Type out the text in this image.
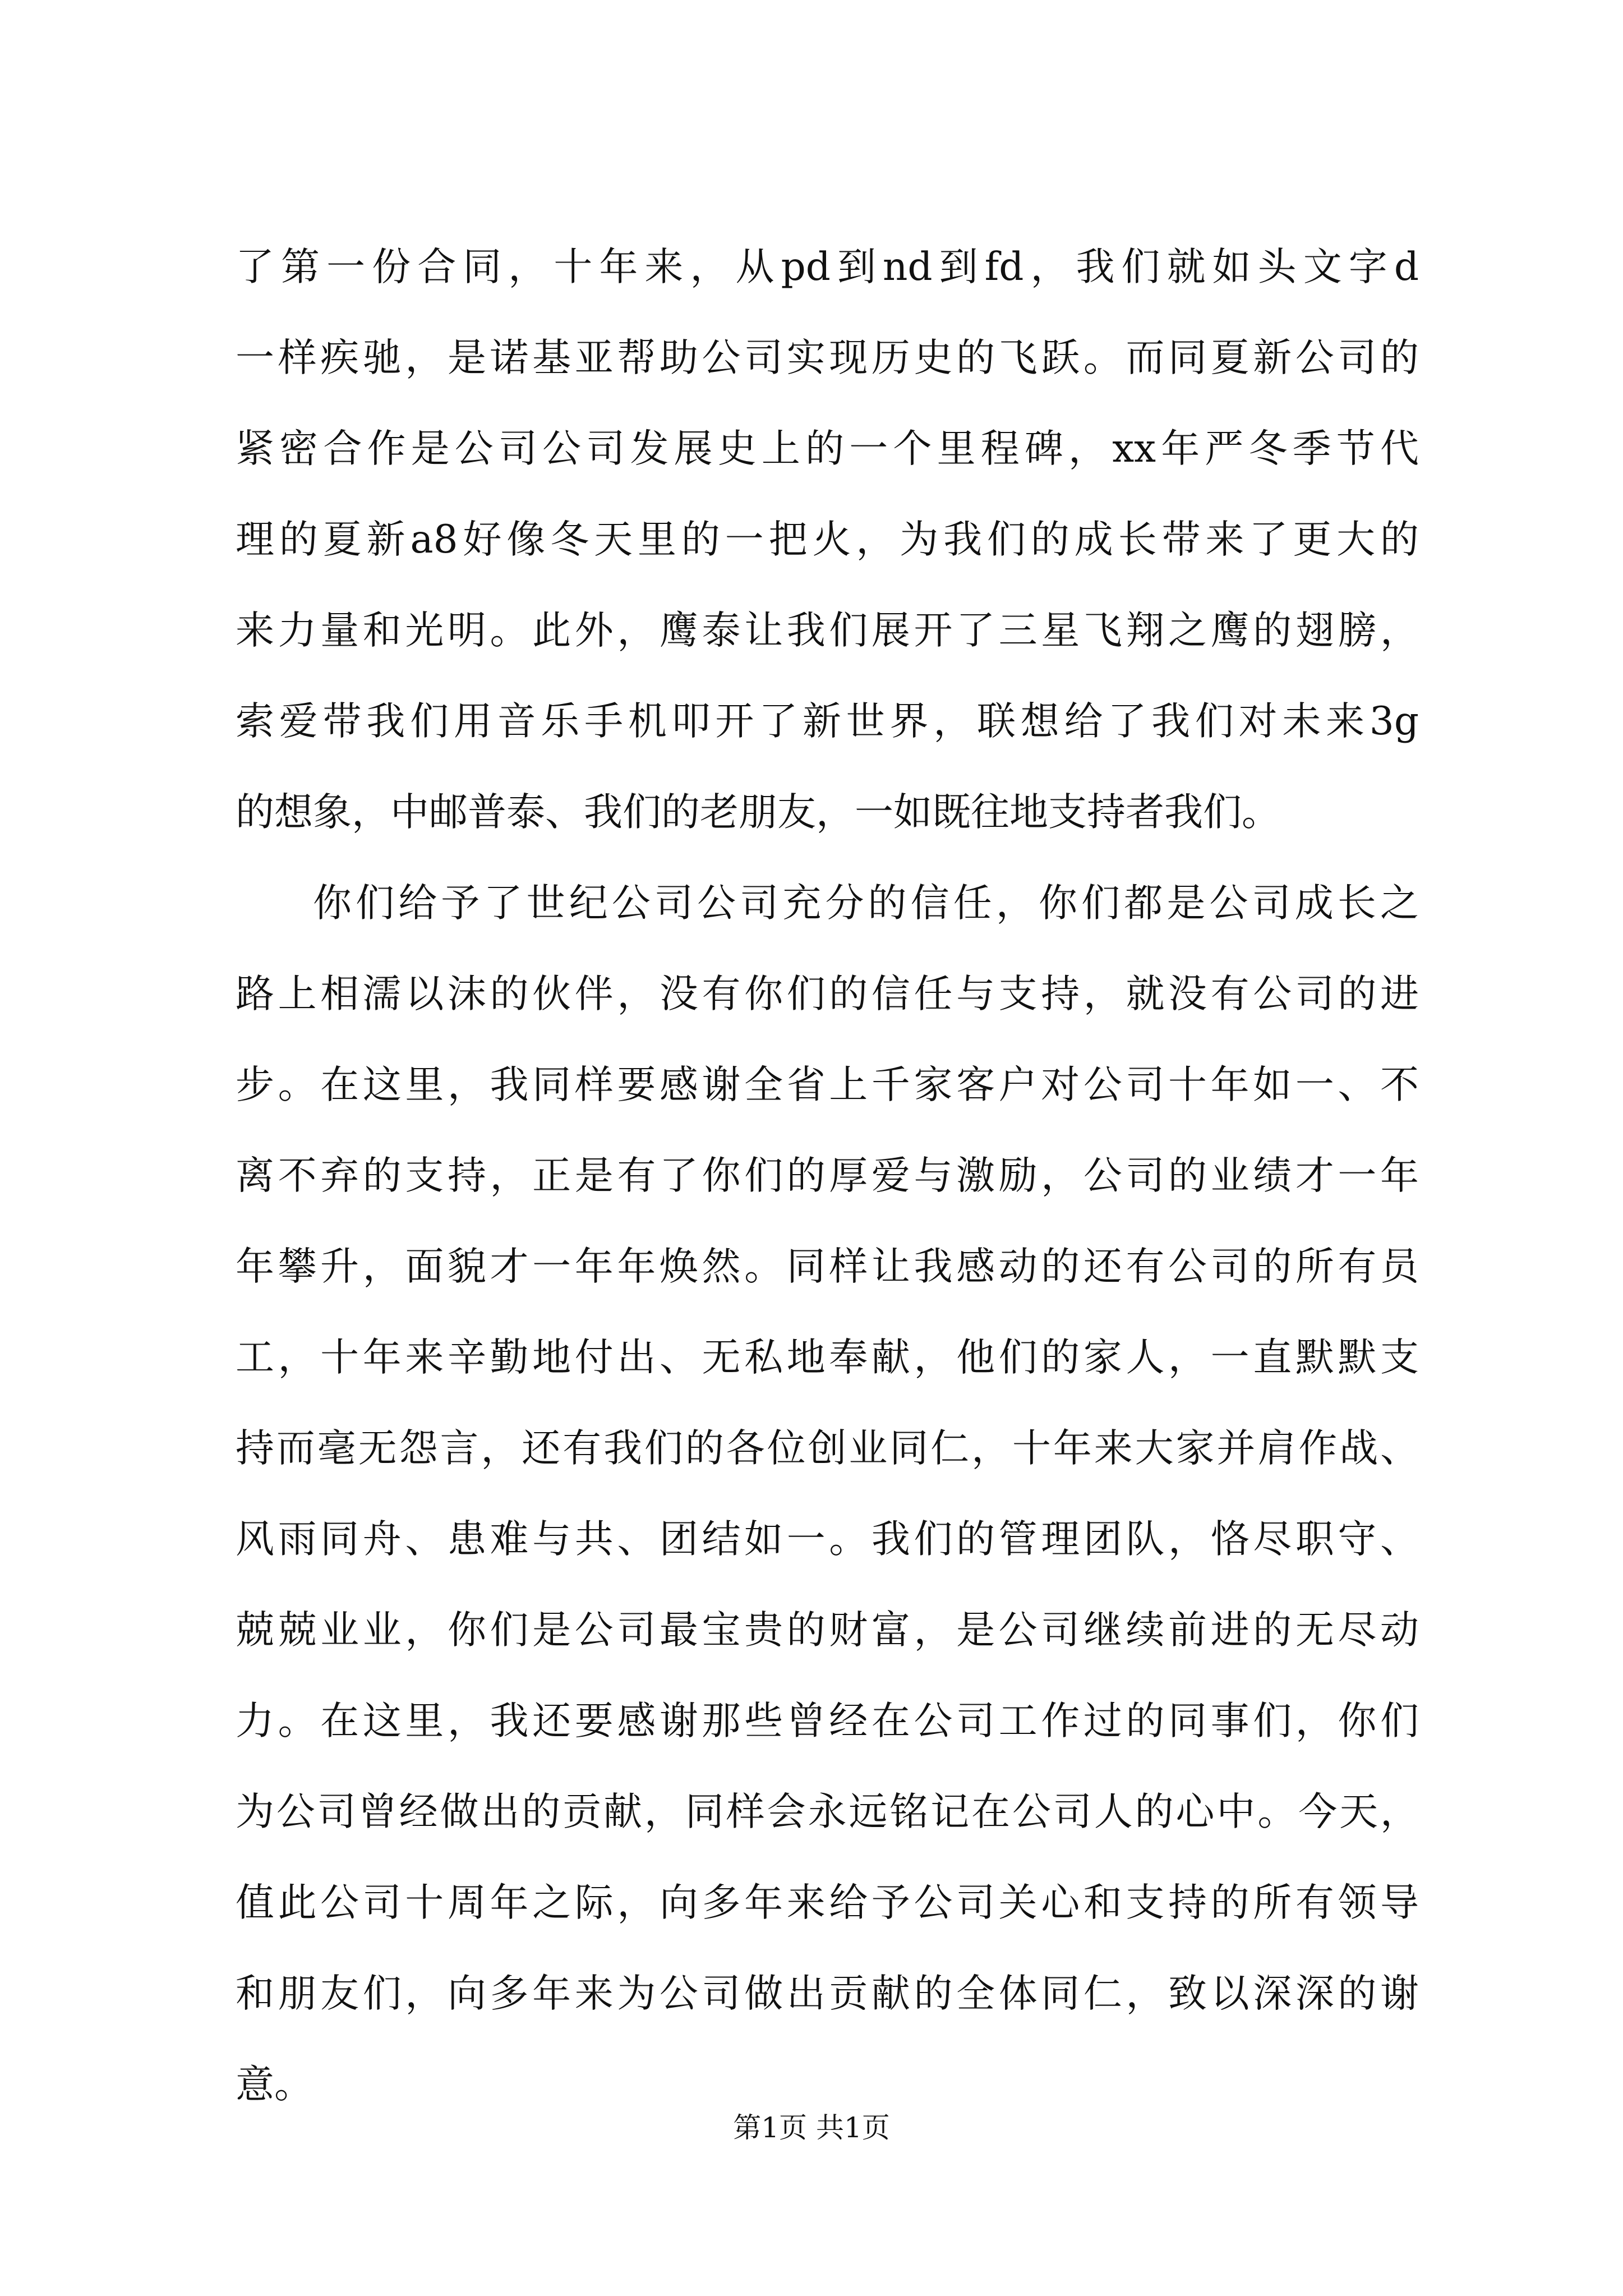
了第一份合同，十年来，从pd到nd到fd，我们就如头文字d
一样疾驰，是诺基亚帮助公司实现历史的飞跃。而同夏新公司的
紧密合作是公司公司发展史上的一个里程碑，xx年严冬季节代
理的夏新a8好像冬天里的一把火，为我们的成长带来了更大的
来力量和光明。此外，鹰泰让我们展开了三星飞翔之鹰的翅膀，
索爱带我们用音乐手机叩开了新世界，联想给了我们对未来3g
的想象，中邮普泰、我们的老朋友，一如既往地支持者我们。
你们给予了世纪公司公司充分的信任，你们都是公司成长之
路上相濡以沫的伙伴，没有你们的信任与支持，就没有公司的进
步。在这里，我同样要感谢全省上千家客户对公司十年如一、不
离不弃的支持，正是有了你们的厚爱与激励，公司的业绩才一年
年攀升，面貌才一年年焕然。同样让我感动的还有公司的所有员
工，十年来辛勤地付出、无私地奉献，他们的家人，一直默默支
持而毫无怨言，还有我们的各位创业同仁，十年来大家并肩作战、
风雨同舟、患难与共、团结如一。我们的管理团队，恪尽职守、
兢兢业业，你们是公司最宝贵的财富，是公司继续前进的无尽动
力。在这里，我还要感谢那些曾经在公司工作过的同事们，你们
为公司曾经做出的贡献，同样会永远铭记在公司人的心中。今天，
值此公司十周年之际，向多年来给予公司关心和支持的所有领导
和朋友们，向多年来为公司做出贡献的全体同仁，致以深深的谢
意。
第1页 共1页
